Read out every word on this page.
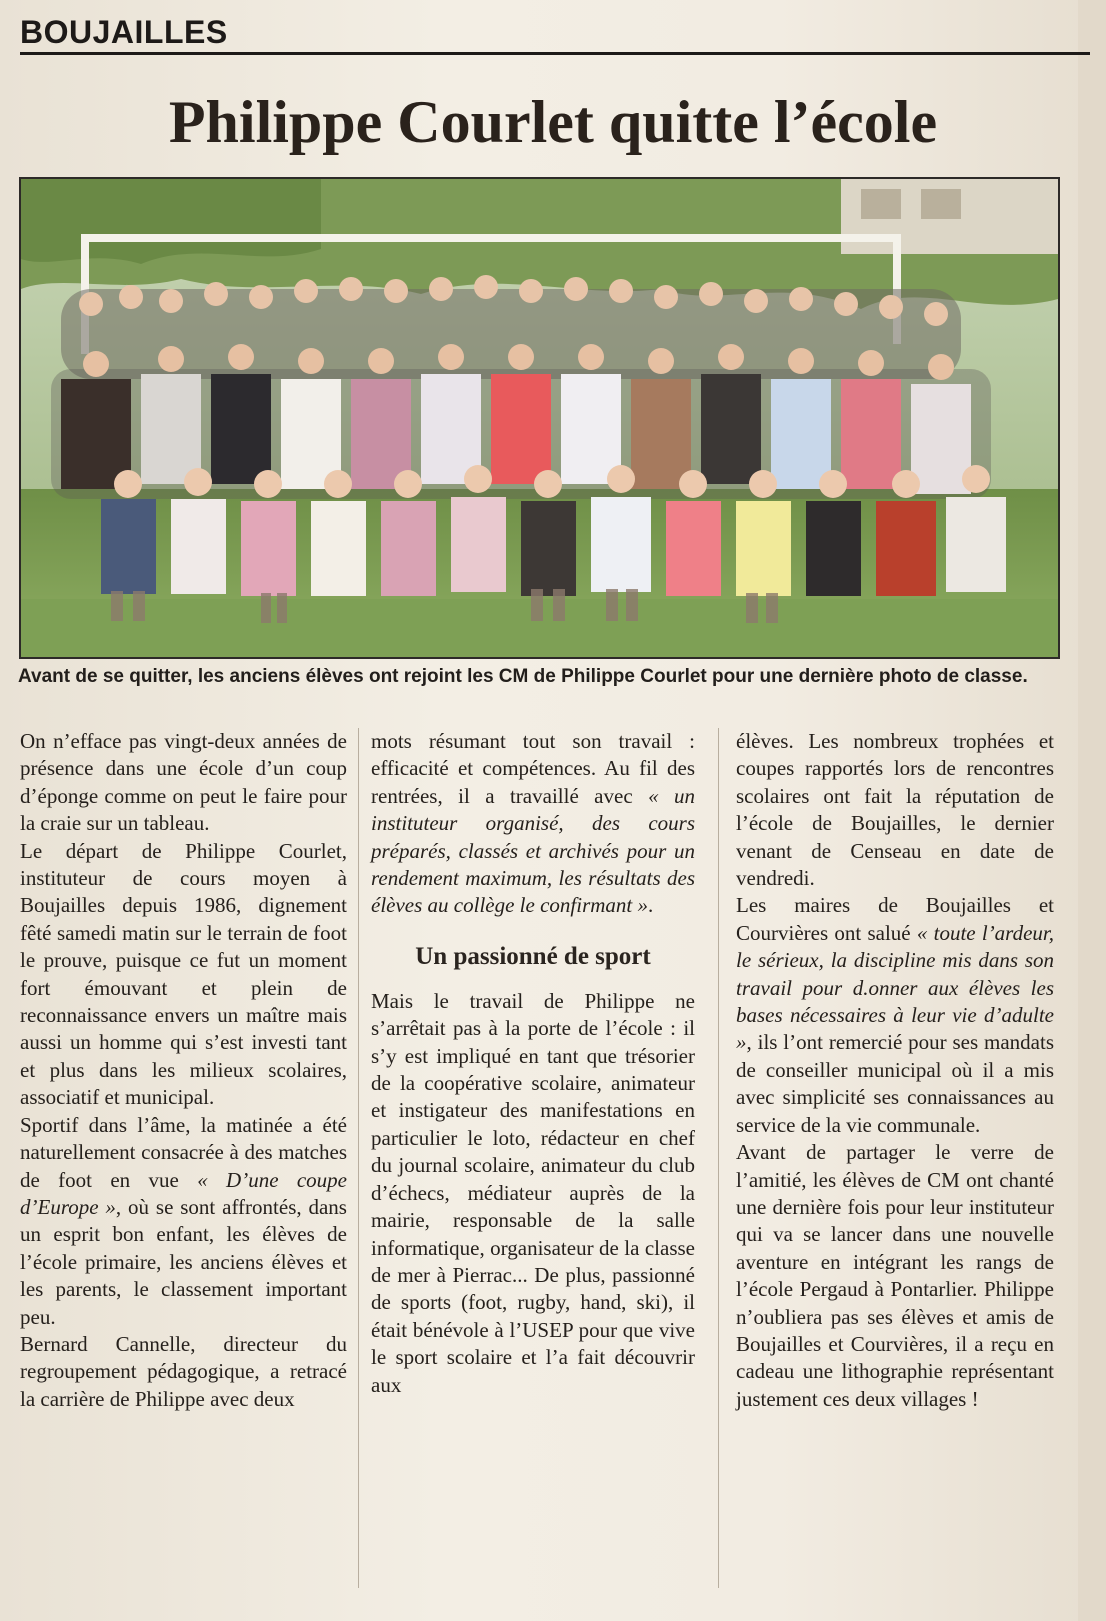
BOUJAILLES
Philippe Courlet quitte l’école
Avant de se quitter, les anciens élèves ont rejoint les CM de Philippe Courlet pour une dernière photo de classe.

On n’efface pas vingt-deux années de présence dans une école d’un coup d’éponge comme on peut le faire pour la craie sur un tableau.

Le départ de Philippe Courlet, instituteur de cours moyen à Boujailles depuis 1986, dignement fêté samedi matin sur le terrain de foot le prouve, puisque ce fut un moment fort émouvant et plein de reconnaissance envers un maître mais aussi un homme qui s’est investi tant et plus dans les milieux scolaires, associatif et municipal.

Sportif dans l’âme, la matinée a été naturellement consacrée à des matches de foot en vue « D’une coupe d’Europe », où se sont affrontés, dans un esprit bon enfant, les élèves de l’école primaire, les anciens élèves et les parents, le classement important peu.

Bernard Cannelle, directeur du regroupement pédagogique, a retracé la carrière de Philippe avec deux

mots résumant tout son travail : efficacité et compétences. Au fil des rentrées, il a travaillé avec « un instituteur organisé, des cours préparés, classés et archivés pour un rendement maximum, les résultats des élèves au collège le confirmant ».

Un passionné de sport

Mais le travail de Philippe ne s’arrêtait pas à la porte de l’école : il s’y est impliqué en tant que trésorier de la coopérative scolaire, animateur et instigateur des manifestations en particulier le loto, rédacteur en chef du journal scolaire, animateur du club d’échecs, médiateur auprès de la mairie, responsable de la salle informatique, organisateur de la classe de mer à Pierrac... De plus, passionné de sports (foot, rugby, hand, ski), il était bénévole à l’USEP pour que vive le sport scolaire et l’a fait découvrir aux

élèves. Les nombreux trophées et coupes rapportés lors de rencontres scolaires ont fait la réputation de l’école de Boujailles, le dernier venant de Censeau en date de vendredi.

Les maires de Boujailles et Courvières ont salué « toute l’ardeur, le sérieux, la discipline mis dans son travail pour d.onner aux élèves les bases nécessaires à leur vie d’adulte », ils l’ont remercié pour ses mandats de conseiller municipal où il a mis avec simplicité ses connaissances au service de la vie communale.

Avant de partager le verre de l’amitié, les élèves de CM ont chanté une dernière fois pour leur instituteur qui va se lancer dans une nouvelle aventure en intégrant les rangs de l’école Pergaud à Pontarlier. Philippe n’oubliera pas ses élèves et amis de Boujailles et Courvières, il a reçu en cadeau une lithographie représentant justement ces deux villages !
